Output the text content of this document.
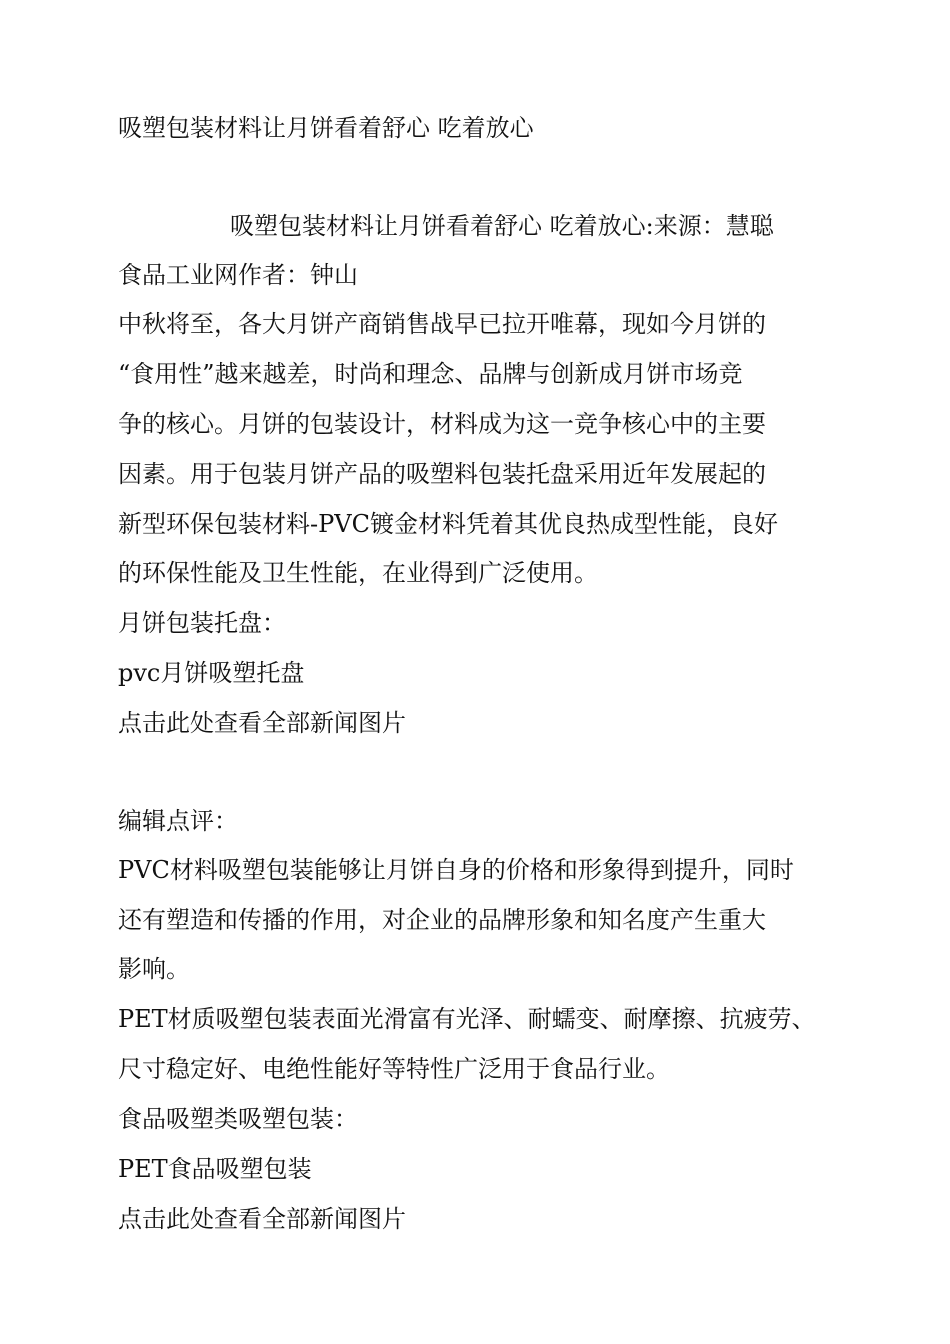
吸塑包装材料让月饼看着舒心 吃着放心
吸塑包装材料让月饼看着舒心 吃着放心:来源：慧聪
食品工业网作者：钟山
中秋将至，各大月饼产商销售战早已拉开唯幕，现如今月饼的
“食用性”越来越差，时尚和理念、品牌与创新成月饼市场竞
争的核心。月饼的包装设计，材料成为这一竞争核心中的主要
因素。用于包装月饼产品的吸塑料包装托盘采用近年发展起的
新型环保包装材料-PVC镀金材料凭着其优良热成型性能，良好
的环保性能及卫生性能，在业得到广泛使用。
月饼包装托盘：
pvc月饼吸塑托盘
点击此处查看全部新闻图片
编辑点评：
PVC材料吸塑包装能够让月饼自身的价格和形象得到提升，同时
还有塑造和传播的作用，对企业的品牌形象和知名度产生重大
影响。
PET材质吸塑包装表面光滑富有光泽、耐蠕变、耐摩擦、抗疲劳、
尺寸稳定好、电绝性能好等特性广泛用于食品行业。
食品吸塑类吸塑包装：
PET食品吸塑包装
点击此处查看全部新闻图片
